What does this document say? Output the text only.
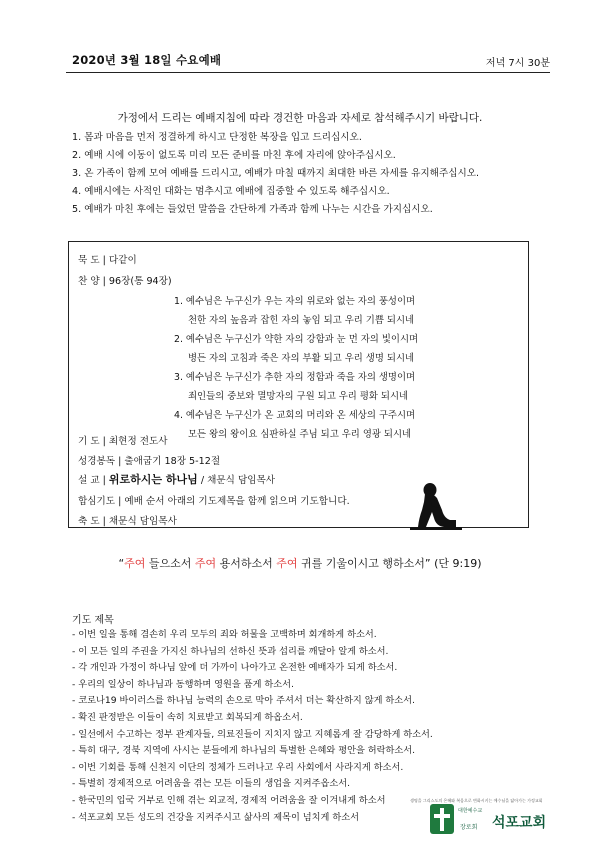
2020년 3월 18일 수요예배	저녁 7시 30분
가정에서 드리는 예배지침에 따라 경건한 마음과 자세로 참석해주시기 바랍니다.
1. 몸과 마음을 먼저 정결하게 하시고 단정한 복장을 입고 드리십시오.
2. 예배 시에 이동이 없도록 미리 모든 준비를 마친 후에 자리에 앉아주십시오.
3. 온 가족이 함께 모여 예배를 드리시고, 예배가 마칠 때까지 최대한 바른 자세를 유지해주십시오.
4. 예배시에는 사적인 대화는 멈추시고 예배에 집중할 수 있도록 해주십시오.
5. 예배가 마친 후에는 들었던 말씀을 간단하게 가족과 함께 나누는 시간을 가지십시오.
묵 도 | 다같이
찬 양 | 96장(통 94장)
1. 예수님은 누구신가 우는 자의 위로와 없는 자의 풍성이며
천한 자의 높음과 잡힌 자의 놓임 되고 우리 기쁨 되시네
2. 예수님은 누구신가 약한 자의 강함과 눈 먼 자의 빛이시며
병든 자의 고침과 죽은 자의 부활 되고 우리 생명 되시네
3. 예수님은 누구신가 추한 자의 정함과 죽을 자의 생명이며
죄인들의 중보와 멸망자의 구원 되고 우리 평화 되시네
4. 예수님은 누구신가 온 교회의 머리와 온 세상의 구주시며
모든 왕의 왕이요 심판하실 주님 되고 우리 영광 되시네
기 도 | 최현정 전도사
성경봉독 | 출애굽기 18장 5-12절
설 교 | 위로하시는 하나님 / 채문식 담임목사
합심기도 | 예배 순서 아래의 기도제목을 함께 읽으며 기도합니다.
축 도 | 채문식 담임목사
“주여 들으소서 주여 용서하소서 주여 귀를 기울이시고 행하소서” (단 9:19)
기도 제목
- 이번 일을 통해 겸손히 우리 모두의 죄와 허물을 고백하며 회개하게 하소서.
- 이 모든 일의 주권을 가지신 하나님의 선하신 뜻과 섭리를 깨달아 알게 하소서.
- 각 개인과 가정이 하나님 앞에 더 가까이 나아가고 온전한 예배자가 되게 하소서.
- 우리의 일상이 하나님과 동행하며 영원을 품게 하소서.
- 코로나19 바이러스를 하나님 능력의 손으로 막아 주셔서 더는 확산하지 않게 하소서.
- 확진 판정받은 이들이 속히 치료받고 회복되게 하옵소서.
- 일선에서 수고하는 정부 관계자들, 의료진들이 지치지 않고 지혜롭게 잘 감당하게 하소서.
- 특히 대구, 경북 지역에 사시는 분들에게 하나님의 특별한 은혜와 평안을 허락하소서.
- 이번 기회를 통해 신천지 이단의 정체가 드러나고 우리 사회에서 사라지게 하소서.
- 특별히 경제적으로 어려움을 겪는 모든 이들의 생업을 지켜주옵소서.
- 한국민의 입국 거부로 인해 겪는 외교적, 경제적 어려움을 잘 이겨내게 하소서
- 석포교회 모든 성도의 건강을 지켜주시고 삶사의 제목이 넘치게 하소서
생명을 그리스도의 은혜와 복음으로 변화시키는 예수님을 닮아가는 가정교회
대한예수교
장로회 석포교회
